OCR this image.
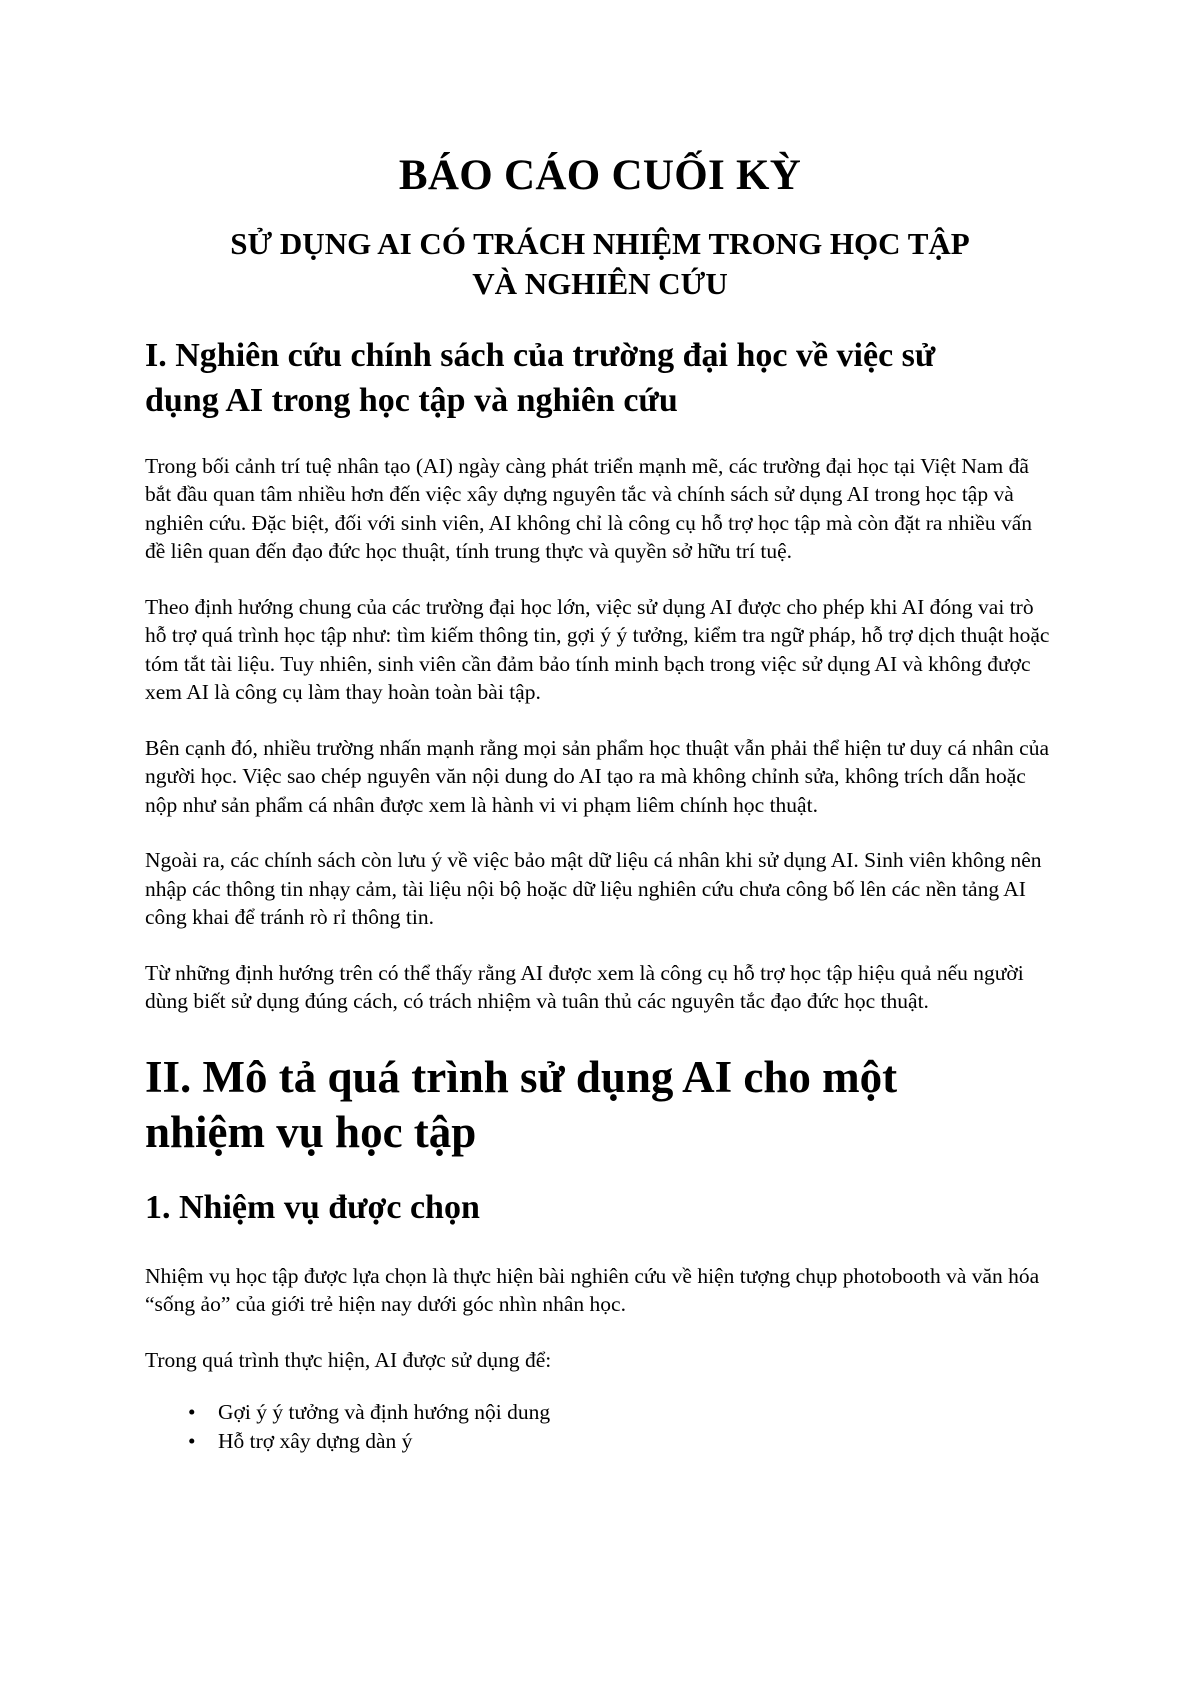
BÁO CÁO CUỐI KỲ
SỬ DỤNG AI CÓ TRÁCH NHIỆM TRONG HỌC TẬP
VÀ NGHIÊN CỨU
I. Nghiên cứu chính sách của trường đại học về việc sử
dụng AI trong học tập và nghiên cứu

Trong bối cảnh trí tuệ nhân tạo (AI) ngày càng phát triển mạnh mẽ, các trường đại học tại Việt Nam đã bắt đầu quan tâm nhiều hơn đến việc xây dựng nguyên tắc và chính sách sử dụng AI trong học tập và nghiên cứu. Đặc biệt, đối với sinh viên, AI không chỉ là công cụ hỗ trợ học tập mà còn đặt ra nhiều vấn đề liên quan đến đạo đức học thuật, tính trung thực và quyền sở hữu trí tuệ.

Theo định hướng chung của các trường đại học lớn, việc sử dụng AI được cho phép khi AI đóng vai trò hỗ trợ quá trình học tập như: tìm kiếm thông tin, gợi ý ý tưởng, kiểm tra ngữ pháp, hỗ trợ dịch thuật hoặc tóm tắt tài liệu. Tuy nhiên, sinh viên cần đảm bảo tính minh bạch trong việc sử dụng AI và không được xem AI là công cụ làm thay hoàn toàn bài tập.

Bên cạnh đó, nhiều trường nhấn mạnh rằng mọi sản phẩm học thuật vẫn phải thể hiện tư duy cá nhân của người học. Việc sao chép nguyên văn nội dung do AI tạo ra mà không chỉnh sửa, không trích dẫn hoặc nộp như sản phẩm cá nhân được xem là hành vi vi phạm liêm chính học thuật.

Ngoài ra, các chính sách còn lưu ý về việc bảo mật dữ liệu cá nhân khi sử dụng AI. Sinh viên không nên nhập các thông tin nhạy cảm, tài liệu nội bộ hoặc dữ liệu nghiên cứu chưa công bố lên các nền tảng AI công khai để tránh rò rỉ thông tin.

Từ những định hướng trên có thể thấy rằng AI được xem là công cụ hỗ trợ học tập hiệu quả nếu người dùng biết sử dụng đúng cách, có trách nhiệm và tuân thủ các nguyên tắc đạo đức học thuật.

II. Mô tả quá trình sử dụng AI cho một
nhiệm vụ học tập
1. Nhiệm vụ được chọn

Nhiệm vụ học tập được lựa chọn là thực hiện bài nghiên cứu về hiện tượng chụp photobooth và văn hóa “sống ảo” của giới trẻ hiện nay dưới góc nhìn nhân học.

Trong quá trình thực hiện, AI được sử dụng để:

• Gợi ý ý tưởng và định hướng nội dung
• Hỗ trợ xây dựng dàn ý
